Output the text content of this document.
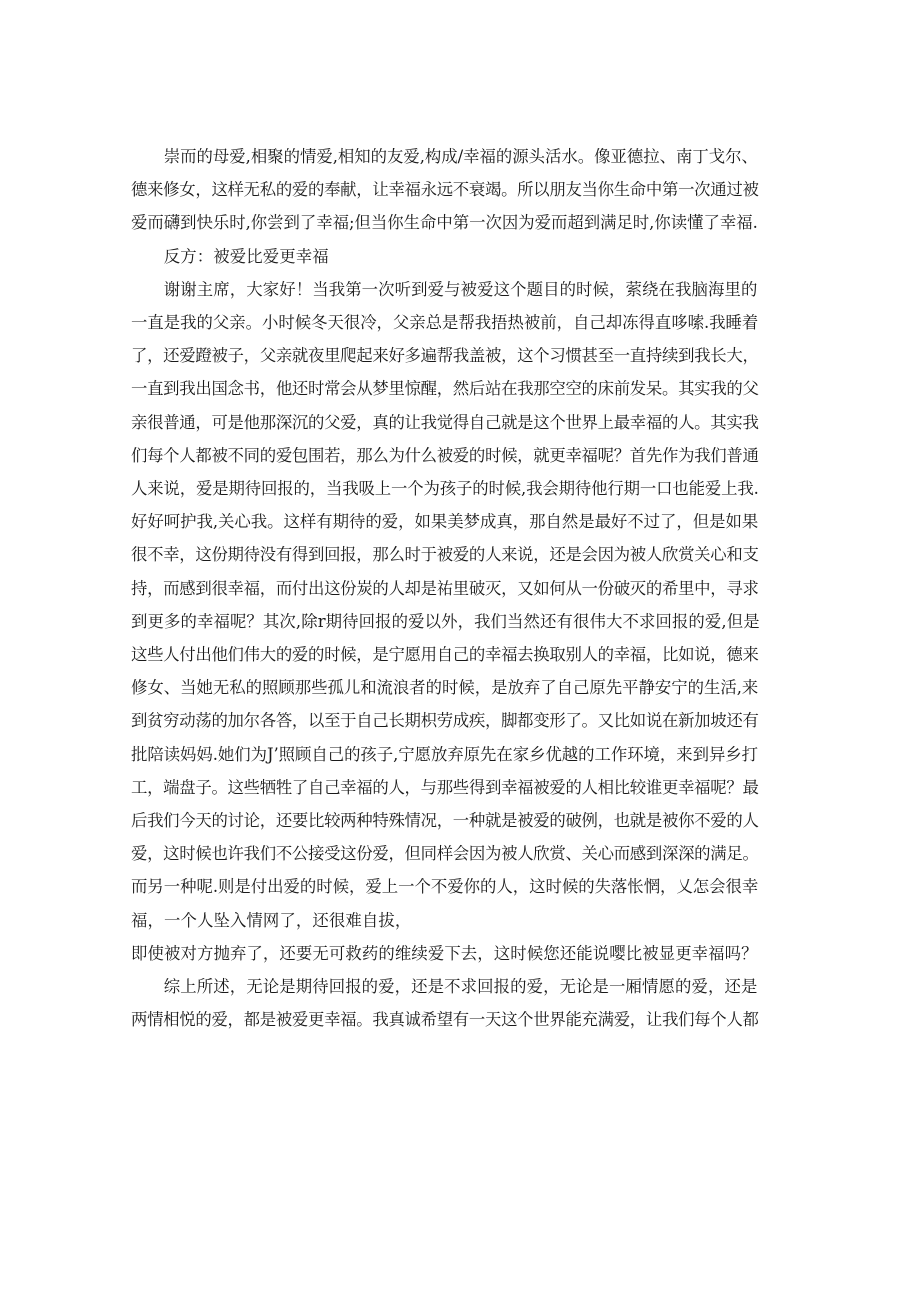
崇而的母爱,相聚的情爱,相知的友爱,构成/幸福的源头活水。像亚德拉、南丁戈尔、
德来修女，这样无私的爱的奉献，让幸福永远不衰竭。所以朋友当你生命中第一次通过被
爱而礴到快乐时,你尝到了幸福;但当你生命中第一次因为爱而超到满足时,你读懂了幸福.

反方：被爱比爱更幸福

谢谢主席，大家好！当我第一次听到爱与被爱这个题目的时候，萦绕在我脑海里的
一直是我的父亲。小时候冬天很冷，父亲总是帮我捂热被前，自己却冻得直哆嗦.我睡着
了，还爱蹬被子，父亲就夜里爬起来好多遍帮我盖被，这个习惯甚至一直持续到我长大，
一直到我出国念书，他还时常会从梦里惊醒，然后站在我那空空的床前发呆。其实我的父
亲很普通，可是他那深沉的父爱，真的让我觉得自己就是这个世界上最幸福的人。其实我
们每个人都被不同的爱包围若，那么为什么被爱的时候，就更幸福呢？首先作为我们普通
人来说，爱是期待回报的，当我吸上一个为孩子的时候,我会期待他行期一口也能爱上我.
好好呵护我,关心我。这样有期待的爱，如果美梦成真，那自然是最好不过了，但是如果
很不幸，这份期待没有得到回报，那么时于被爱的人来说，还是会因为被人欣赏关心和支
持，而感到很幸福，而付出这份炭的人却是祐里破灭，又如何从一份破灭的希里中，寻求
到更多的幸福呢？其次,除r期待回报的爱以外，我们当然还有很伟大不求回报的爱,但是
这些人付出他们伟大的爱的时候，是宁愿用自己的幸福去换取别人的幸福，比如说，德来
修女、当她无私的照顾那些孤儿和流浪者的时候，是放弃了自己原先平静安宁的生活,来
到贫穷动荡的加尔各答，以至于自己长期枳劳成疾，脚都变形了。又比如说在新加坡还有
批陪读妈妈.她们为J’照顾自己的孩子,宁愿放弃原先在家乡优越的工作环境，来到异乡打
工，端盘子。这些牺牲了自己幸福的人，与那些得到幸福被爱的人相比较谁更幸福呢？最
后我们今天的讨论，还要比较两种特殊情况，一种就是被爱的破例，也就是被你不爱的人
爱，这时候也许我们不公接受这份爱，但同样会因为被人欣赏、关心而感到深深的满足。
而另一种呢.则是付出爱的时候，爱上一个不爱你的人，这时候的失落怅惘，乂怎会很幸
福，一个人坠入情网了，还很难自拔，

即使被对方抛弃了，还要无可救药的维续爱下去，这时候您还能说嘤比被显更幸福吗？

综上所述，无论是期待回报的爱，还是不求回报的爱，无论是一厢情愿的爱，还是
两情相悦的爱，都是被爱更幸福。我真诚希望有一天这个世界能充满爱，让我们每个人都
